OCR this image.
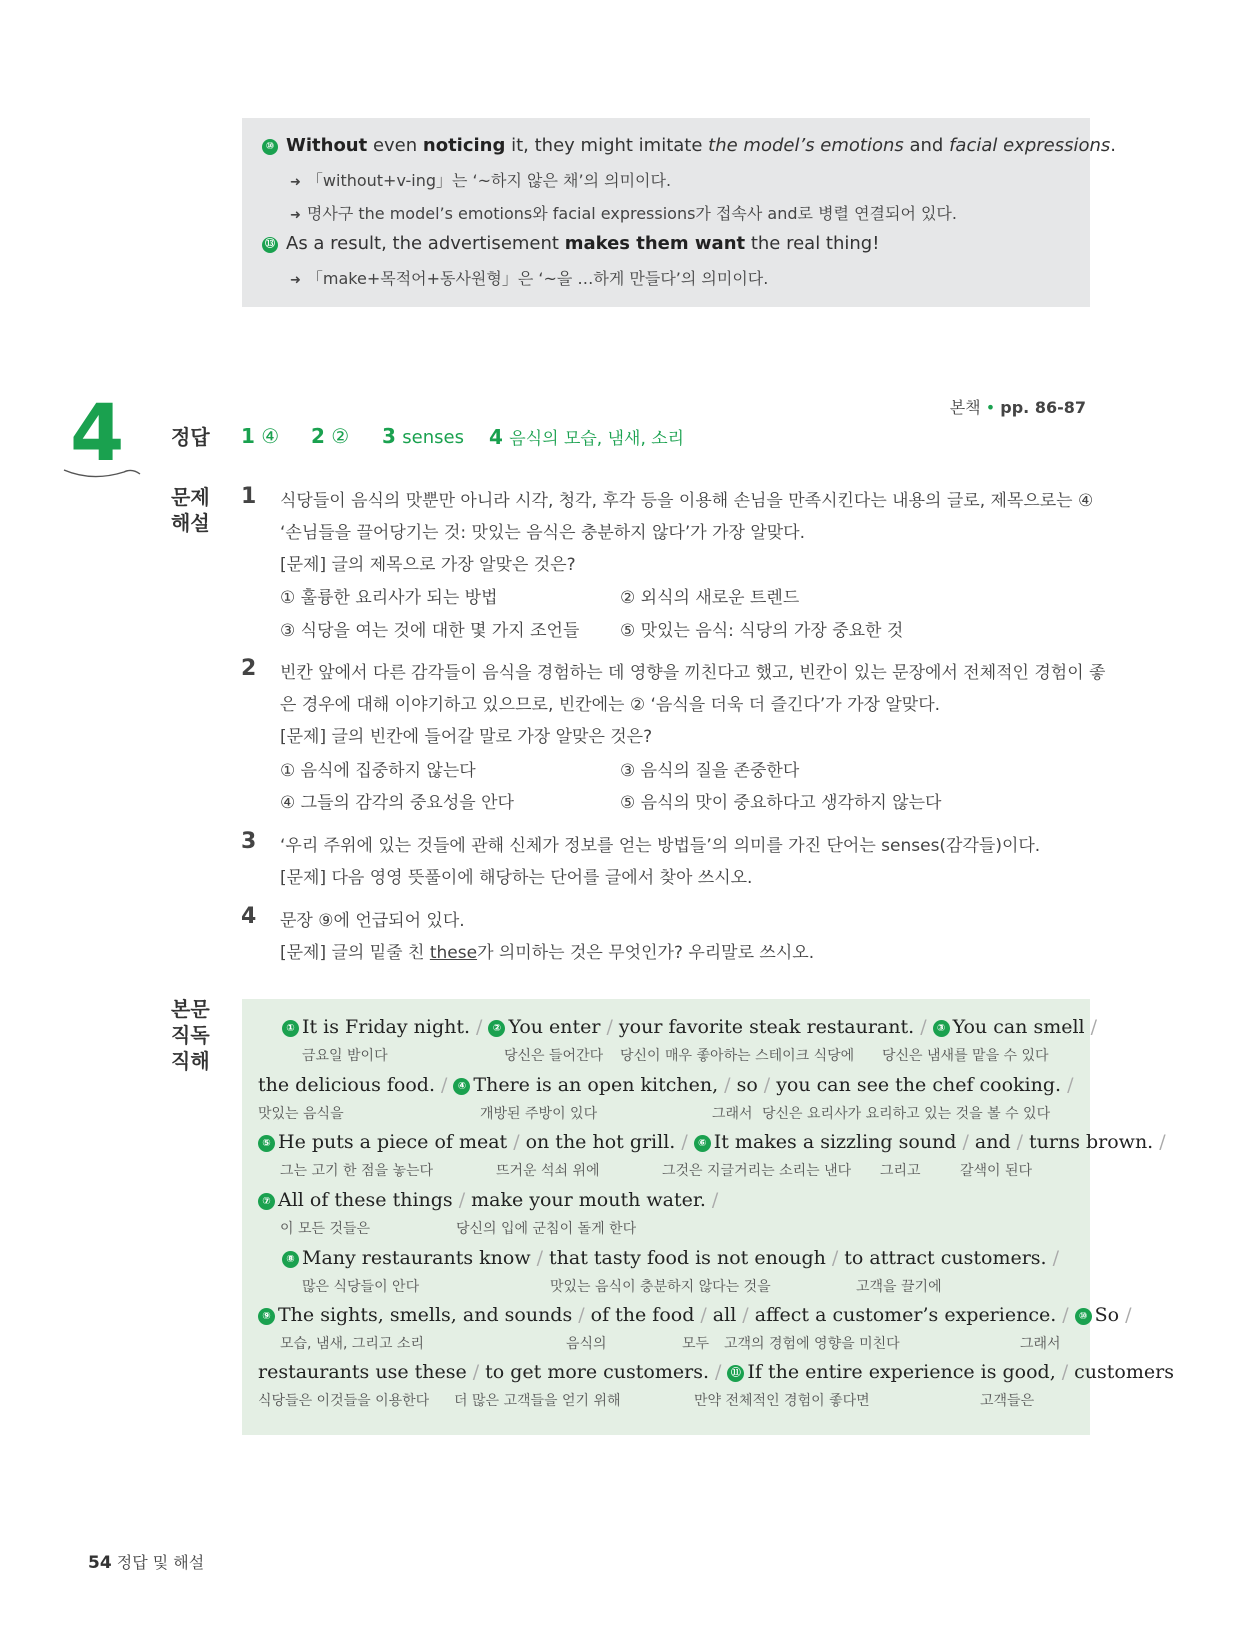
⑩ Without even noticing it, they might imitate the model’s emotions and facial expressions.
➜ 「without+v-ing」는 ‘~하지 않은 채’의 의미이다.
➜ 명사구 the model’s emotions와 facial expressions가 접속사 and로 병렬 연결되어 있다.
⑬ As a result, the advertisement makes them want the real thing!
➜ 「make+목적어+동사원형」은 ‘~을 …하게 만들다’의 의미이다.
4	본책 • pp. 86-87
정답 1 ④ 2 ② 3 senses 4 음식의 모습, 냄새, 소리
문제
해설
1 식당들이 음식의 맛뿐만 아니라 시각, 청각, 후각 등을 이용해 손님을 만족시킨다는 내용의 글로, 제목으로는 ④
‘손님들을 끌어당기는 것: 맛있는 음식은 충분하지 않다’가 가장 알맞다.
[문제] 글의 제목으로 가장 알맞은 것은?
① 훌륭한 요리사가 되는 방법	② 외식의 새로운 트렌드
③ 식당을 여는 것에 대한 몇 가지 조언들 ⑤ 맛있는 음식: 식당의 가장 중요한 것
2 빈칸 앞에서 다른 감각들이 음식을 경험하는 데 영향을 끼친다고 했고, 빈칸이 있는 문장에서 전체적인 경험이 좋
은 경우에 대해 이야기하고 있으므로, 빈칸에는 ② ‘음식을 더욱 더 즐긴다’가 가장 알맞다.
[문제] 글의 빈칸에 들어갈 말로 가장 알맞은 것은?
① 음식에 집중하지 않는다	③ 음식의 질을 존중한다
④ 그들의 감각의 중요성을 안다	⑤ 음식의 맛이 중요하다고 생각하지 않는다
3 ‘우리 주위에 있는 것들에 관해 신체가 정보를 얻는 방법들’의 의미를 가진 단어는 senses(감각들)이다.
[문제] 다음 영영 뜻풀이에 해당하는 단어를 글에서 찾아 쓰시오.
4 문장 ⑨에 언급되어 있다.
[문제] 글의 밑줄 친 these가 의미하는 것은 무엇인가? 우리말로 쓰시오.
본문
직독
직해
① It is Friday night. / ② You enter / your favorite steak restaurant. / ③ You can smell /
금요일 밤이다	당신은 들어간다 당신이 매우 좋아하는 스테이크 식당에 당신은 냄새를 맡을 수 있다
the delicious food. / ④ There is an open kitchen, / so / you can see the chef cooking. /
맛있는 음식을	개방된 주방이 있다	그래서 당신은 요리사가 요리하고 있는 것을 볼 수 있다
⑤ He puts a piece of meat / on the hot grill. / ⑥ It makes a sizzling sound / and / turns brown. /
그는 고기 한 점을 놓는다	뜨거운 석쇠 위에	그것은 지글거리는 소리는 낸다 그리고	갈색이 된다
⑦ All of these things / make your mouth water. /
이 모든 것들은	당신의 입에 군침이 돌게 한다
⑧ Many restaurants know / that tasty food is not enough / to attract customers. /
많은 식당들이 안다	맛있는 음식이 충분하지 않다는 것을	고객을 끌기에
⑨ The sights, smells, and sounds / of the food / all / affect a customer’s experience. / ⑩ So /
모습, 냄새, 그리고 소리	음식의	모두 고객의 경험에 영향을 미친다	그래서
restaurants use these / to get more customers. / ⑪ If the entire experience is good, / customers
식당들은 이것들을 이용한다 더 많은 고객들을 얻기 위해	만약 전체적인 경험이 좋다면	고객들은
54 정답 및 해설
